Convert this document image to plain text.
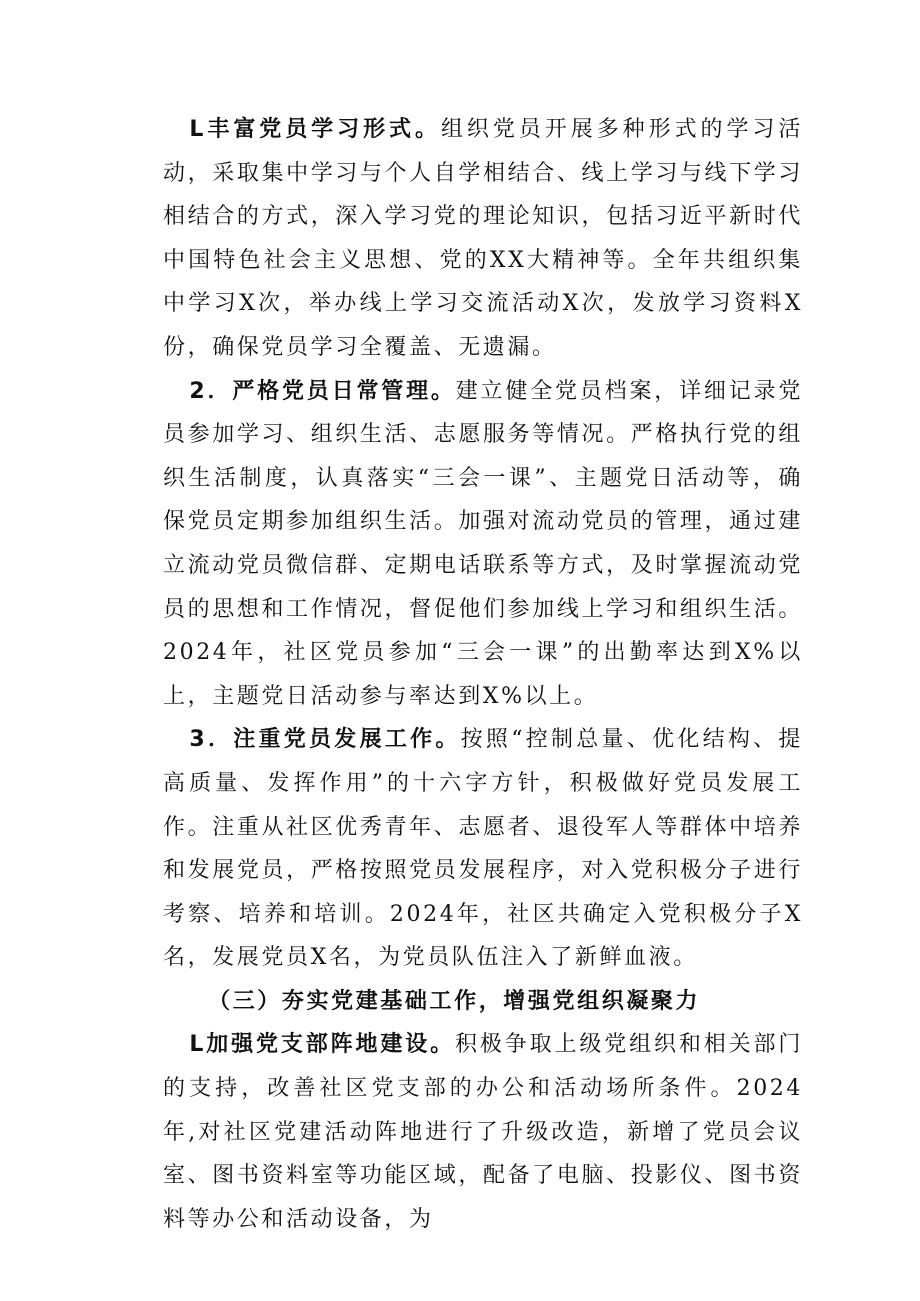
L丰富党员学习形式。组织党员开展多种形式的学习活动，采取集中学习与个人自学相结合、线上学习与线下学习相结合的方式，深入学习党的理论知识，包括习近平新时代中国特色社会主义思想、党的XX大精神等。全年共组织集中学习X次，举办线上学习交流活动X次，发放学习资料X份，确保党员学习全覆盖、无遗漏。

2．严格党员日常管理。建立健全党员档案，详细记录党员参加学习、组织生活、志愿服务等情况。严格执行党的组织生活制度，认真落实“三会一课”、主题党日活动等，确保党员定期参加组织生活。加强对流动党员的管理，通过建立流动党员微信群、定期电话联系等方式，及时掌握流动党员的思想和工作情况，督促他们参加线上学习和组织生活。2024年，社区党员参加“三会一课”的出勤率达到X%以上，主题党日活动参与率达到X%以上。

3．注重党员发展工作。按照“控制总量、优化结构、提高质量、发挥作用”的十六字方针，积极做好党员发展工作。注重从社区优秀青年、志愿者、退役军人等群体中培养和发展党员，严格按照党员发展程序，对入党积极分子进行考察、培养和培训。2024年，社区共确定入党积极分子X名，发展党员X名，为党员队伍注入了新鲜血液。

（三）夯实党建基础工作，增强党组织凝聚力

L加强党支部阵地建设。积极争取上级党组织和相关部门的支持，改善社区党支部的办公和活动场所条件。2024年,对社区党建活动阵地进行了升级改造，新增了党员会议室、图书资料室等功能区域，配备了电脑、投影仪、图书资料等办公和活动设备，为
